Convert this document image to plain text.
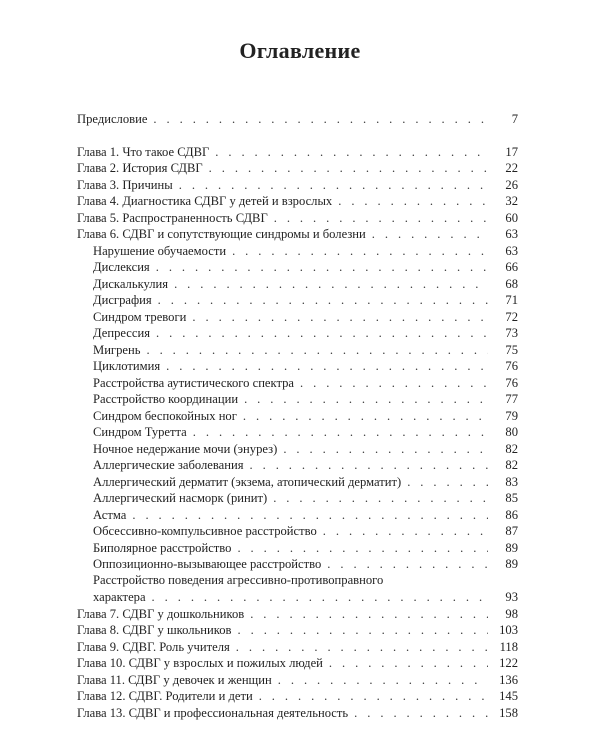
Оглавление
Предисловие . . .	7
Глава 1. Что такое СДВГ . . .	17
Глава 2. История СДВГ . . .	22
Глава 3. Причины . . .	26
Глава 4. Диагностика СДВГ у детей и взрослых . . .	32
Глава 5. Распространенность СДВГ . . .	60
Глава 6. СДВГ и сопутствующие синдромы и болезни . . .	63
Нарушение обучаемости . . .	63
Дислексия . . .	66
Дискалькулия . . .	68
Дисграфия . . .	71
Синдром тревоги . . .	72
Депрессия . . .	73
Мигрень . . .	75
Циклотимия . . .	76
Расстройства аутистического спектра . . .	76
Расстройство координации . . .	77
Синдром беспокойных ног . . .	79
Синдром Туретта . . .	80
Ночное недержание мочи (энурез) . . .	82
Аллергические заболевания . . .	82
Аллергический дерматит (экзема, атопический дерматит) . . .	83
Аллергический насморк (ринит) . . .	85
Астма . . .	86
Обсессивно-компульсивное расстройство . . .	87
Биполярное расстройство . . .	89
Оппозиционно-вызывающее расстройство . . .	89
Расстройство поведения агрессивно-противоправного
характера . . .	93
Глава 7. СДВГ у дошкольников . . .	98
Глава 8. СДВГ у школьников . . .	103
Глава 9. СДВГ. Роль учителя . . .	118
Глава 10. СДВГ у взрослых и пожилых людей . . .	122
Глава 11. СДВГ у девочек и женщин . . .	136
Глава 12. СДВГ. Родители и дети . . .	145
Глава 13. СДВГ и профессиональная деятельность . . .	158
